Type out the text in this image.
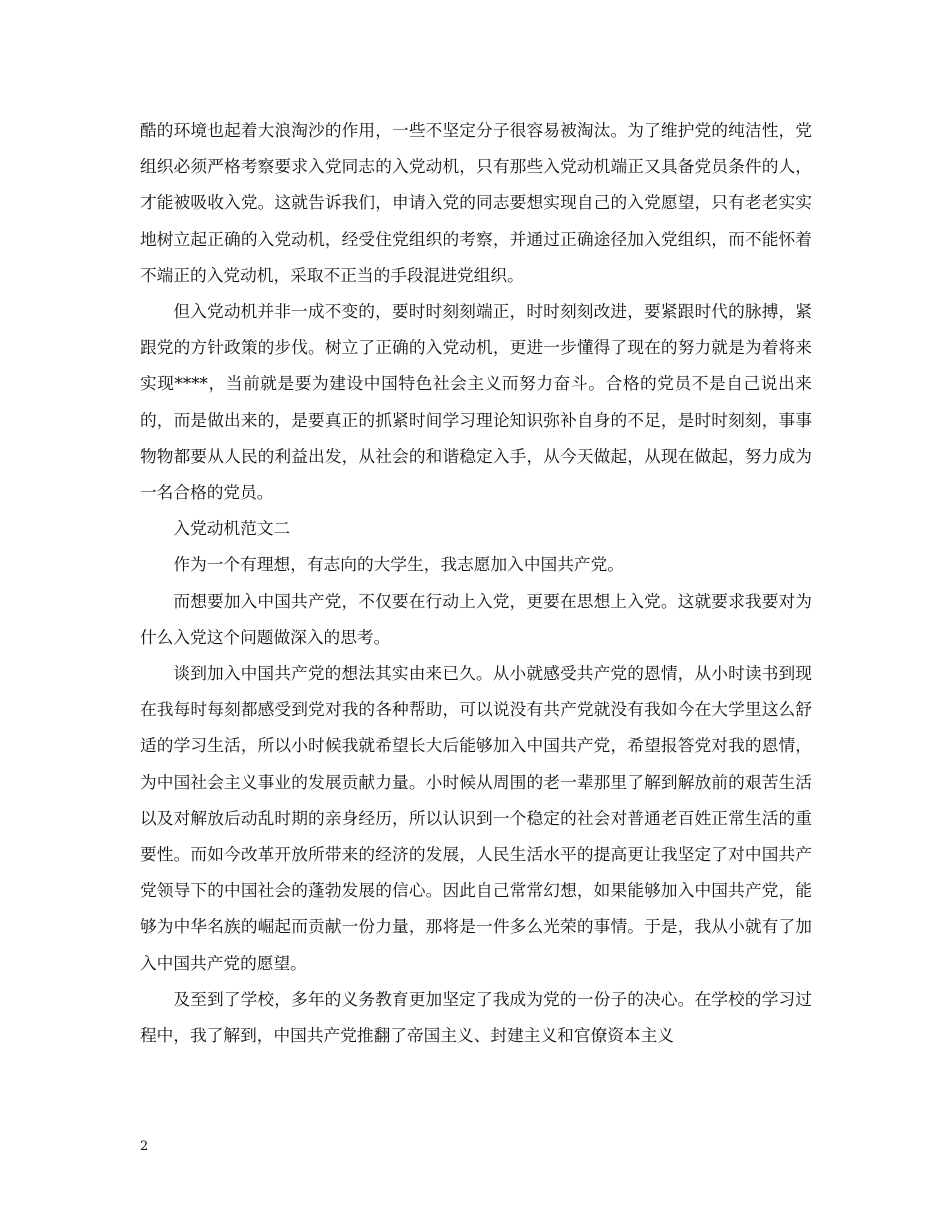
酷的环境也起着大浪淘沙的作用，一些不坚定分子很容易被淘汰。为了维护党的纯洁性，党组织必须严格考察要求入党同志的入党动机，只有那些入党动机端正又具备党员条件的人，才能被吸收入党。这就告诉我们，申请入党的同志要想实现自己的入党愿望，只有老老实实地树立起正确的入党动机，经受住党组织的考察，并通过正确途径加入党组织，而不能怀着不端正的入党动机，采取不正当的手段混进党组织。

但入党动机并非一成不变的，要时时刻刻端正，时时刻刻改进，要紧跟时代的脉搏，紧跟党的方针政策的步伐。树立了正确的入党动机，更进一步懂得了现在的努力就是为着将来实现****，当前就是要为建设中国特色社会主义而努力奋斗。合格的党员不是自己说出来的，而是做出来的，是要真正的抓紧时间学习理论知识弥补自身的不足，是时时刻刻，事事物物都要从人民的利益出发，从社会的和谐稳定入手，从今天做起，从现在做起，努力成为一名合格的党员。

入党动机范文二

作为一个有理想，有志向的大学生，我志愿加入中国共产党。

而想要加入中国共产党，不仅要在行动上入党，更要在思想上入党。这就要求我要对为什么入党这个问题做深入的思考。

谈到加入中国共产党的想法其实由来已久。从小就感受共产党的恩情，从小时读书到现在我每时每刻都感受到党对我的各种帮助，可以说没有共产党就没有我如今在大学里这么舒适的学习生活，所以小时候我就希望长大后能够加入中国共产党，希望报答党对我的恩情，为中国社会主义事业的发展贡献力量。小时候从周围的老一辈那里了解到解放前的艰苦生活以及对解放后动乱时期的亲身经历，所以认识到一个稳定的社会对普通老百姓正常生活的重要性。而如今改革开放所带来的经济的发展，人民生活水平的提高更让我坚定了对中国共产党领导下的中国社会的蓬勃发展的信心。因此自己常常幻想，如果能够加入中国共产党，能够为中华名族的崛起而贡献一份力量，那将是一件多么光荣的事情。于是，我从小就有了加入中国共产党的愿望。

及至到了学校，多年的义务教育更加坚定了我成为党的一份子的决心。在学校的学习过程中，我了解到，中国共产党推翻了帝国主义、封建主义和官僚资本主义

2
